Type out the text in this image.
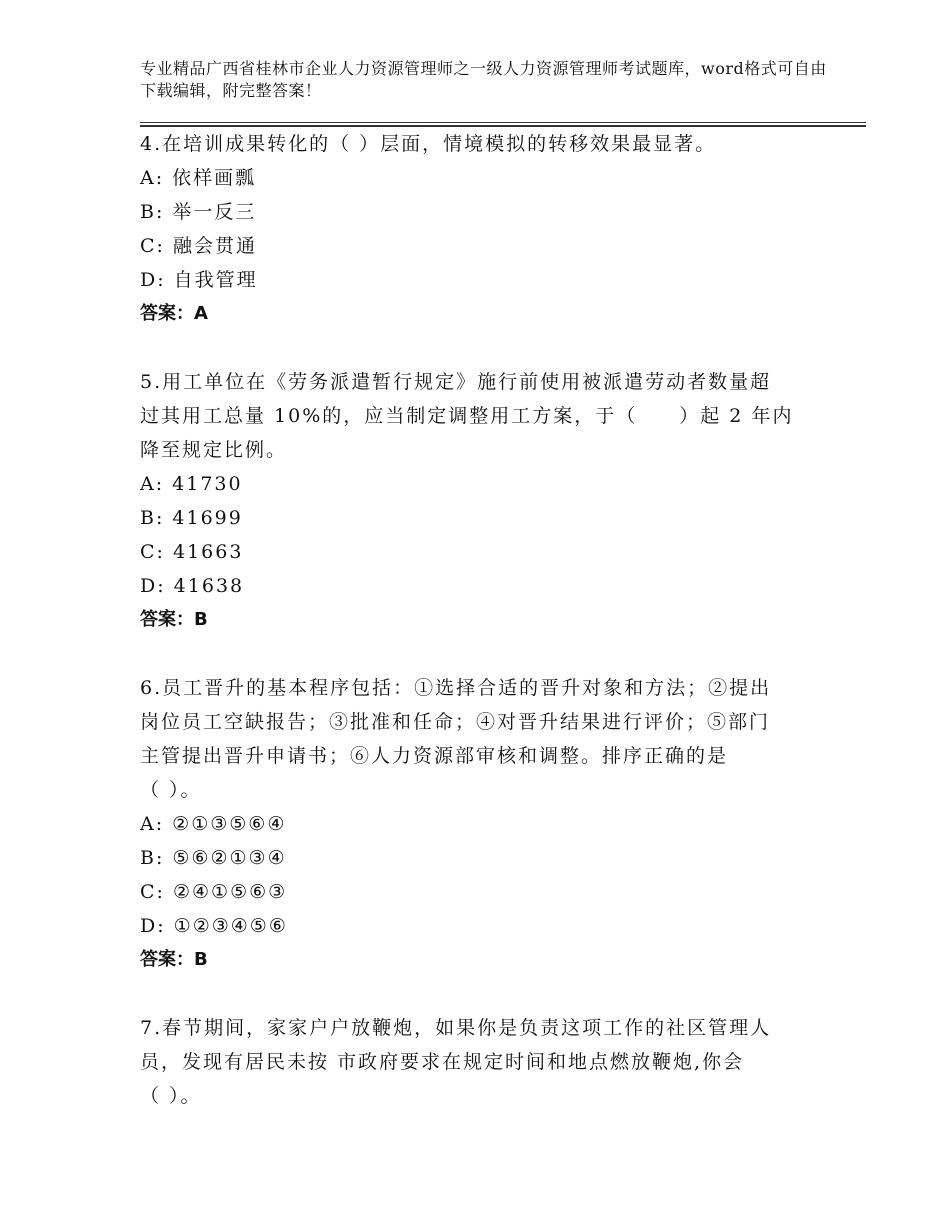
专业精品广西省桂林市企业人力资源管理师之一级人力资源管理师考试题库，word格式可自由下载编辑，附完整答案！

4.在培训成果转化的（ ）层面，情境模拟的转移效果最显著。

A: 依样画瓢

B: 举一反三

C: 融会贯通

D: 自我管理

答案：A

5.用工单位在《劳务派遣暂行规定》施行前使用被派遣劳动者数量超

过其用工总量 10%的，应当制定调整用工方案，于（　　）起 2 年内

降至规定比例。

A: 41730

B: 41699

C: 41663

D: 41638

答案：B

6.员工晋升的基本程序包括：①选择合适的晋升对象和方法；②提出

岗位员工空缺报告；③批准和任命；④对晋升结果进行评价；⑤部门

主管提出晋升申请书；⑥人力资源部审核和调整。排序正确的是

（ ）。

A: ②①③⑤⑥④

B: ⑤⑥②①③④

C: ②④①⑤⑥③

D: ①②③④⑤⑥

答案：B

7.春节期间，家家户户放鞭炮，如果你是负责这项工作的社区管理人

员，发现有居民未按 市政府要求在规定时间和地点燃放鞭炮,你会

（ ）。
